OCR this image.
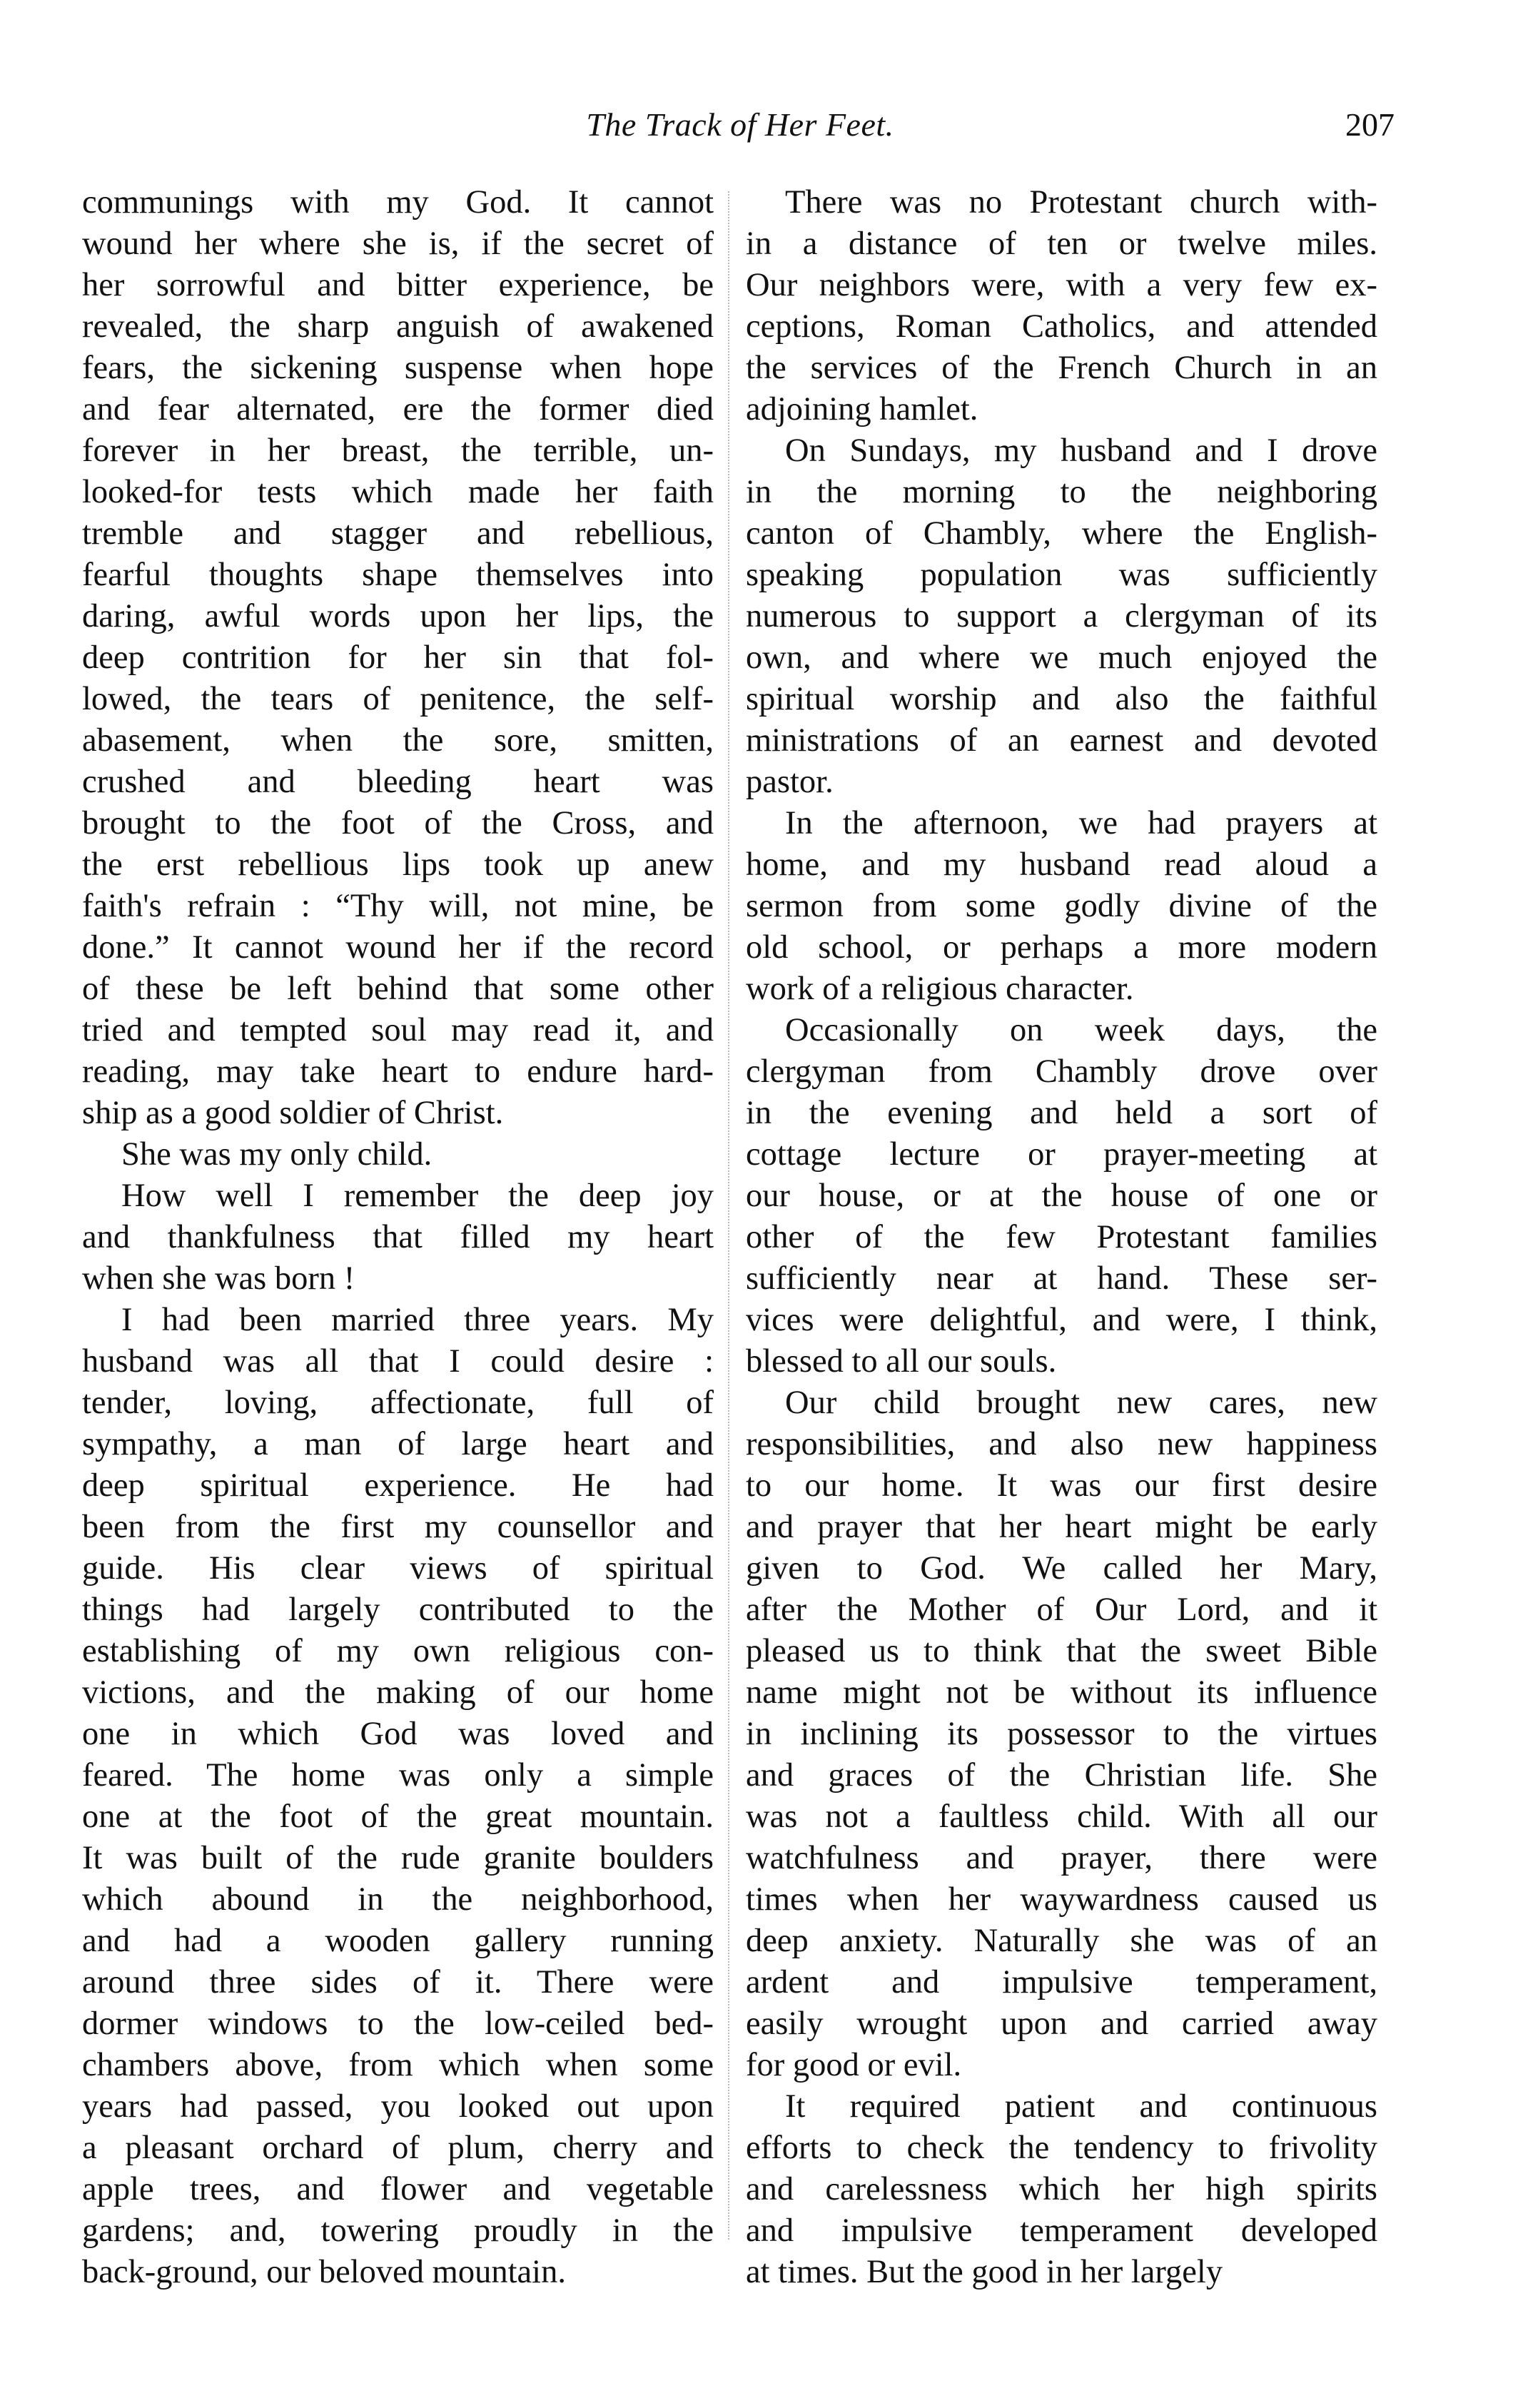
The Track of Her Feet.	207
communings with my God. It cannot
wound her where she is, if the secret of
her sorrowful and bitter experience, be
revealed, the sharp anguish of awakened
fears, the sickening suspense when hope
and fear alternated, ere the former died
forever in her breast, the terrible, un-
looked-for tests which made her faith
tremble and stagger and rebellious,
fearful thoughts shape themselves into
daring, awful words upon her lips, the
deep contrition for her sin that fol-
lowed, the tears of penitence, the self-
abasement, when the sore, smitten,
crushed and bleeding heart was
brought to the foot of the Cross, and
the erst rebellious lips took up anew
faith's refrain : “Thy will, not mine, be
done.” It cannot wound her if the record
of these be left behind that some other
tried and tempted soul may read it, and
reading, may take heart to endure hard-
ship as a good soldier of Christ.
She was my only child.
How well I remember the deep joy
and thankfulness that filled my heart
when she was born !
I had been married three years. My
husband was all that I could desire :
tender, loving, affectionate, full of
sympathy, a man of large heart and
deep spiritual experience. He had
been from the first my counsellor and
guide. His clear views of spiritual
things had largely contributed to the
establishing of my own religious con-
victions, and the making of our home
one in which God was loved and
feared. The home was only a simple
one at the foot of the great mountain.
It was built of the rude granite boulders
which abound in the neighborhood,
and had a wooden gallery running
around three sides of it. There were
dormer windows to the low-ceiled bed-
chambers above, from which when some
years had passed, you looked out upon
a pleasant orchard of plum, cherry and
apple trees, and flower and vegetable
gardens; and, towering proudly in the
back-ground, our beloved mountain.
There was no Protestant church with-
in a distance of ten or twelve miles.
Our neighbors were, with a very few ex-
ceptions, Roman Catholics, and attended
the services of the French Church in an
adjoining hamlet.
On Sundays, my husband and I drove
in the morning to the neighboring
canton of Chambly, where the English-
speaking population was sufficiently
numerous to support a clergyman of its
own, and where we much enjoyed the
spiritual worship and also the faithful
ministrations of an earnest and devoted
pastor.
In the afternoon, we had prayers at
home, and my husband read aloud a
sermon from some godly divine of the
old school, or perhaps a more modern
work of a religious character.
Occasionally on week days, the
clergyman from Chambly drove over
in the evening and held a sort of
cottage lecture or prayer-meeting at
our house, or at the house of one or
other of the few Protestant families
sufficiently near at hand. These ser-
vices were delightful, and were, I think,
blessed to all our souls.
Our child brought new cares, new
responsibilities, and also new happiness
to our home. It was our first desire
and prayer that her heart might be early
given to God. We called her Mary,
after the Mother of Our Lord, and it
pleased us to think that the sweet Bible
name might not be without its influence
in inclining its possessor to the virtues
and graces of the Christian life. She
was not a faultless child. With all our
watchfulness and prayer, there were
times when her waywardness caused us
deep anxiety. Naturally she was of an
ardent and impulsive temperament,
easily wrought upon and carried away
for good or evil.
It required patient and continuous
efforts to check the tendency to frivolity
and carelessness which her high spirits
and impulsive temperament developed
at times. But the good in her largely
